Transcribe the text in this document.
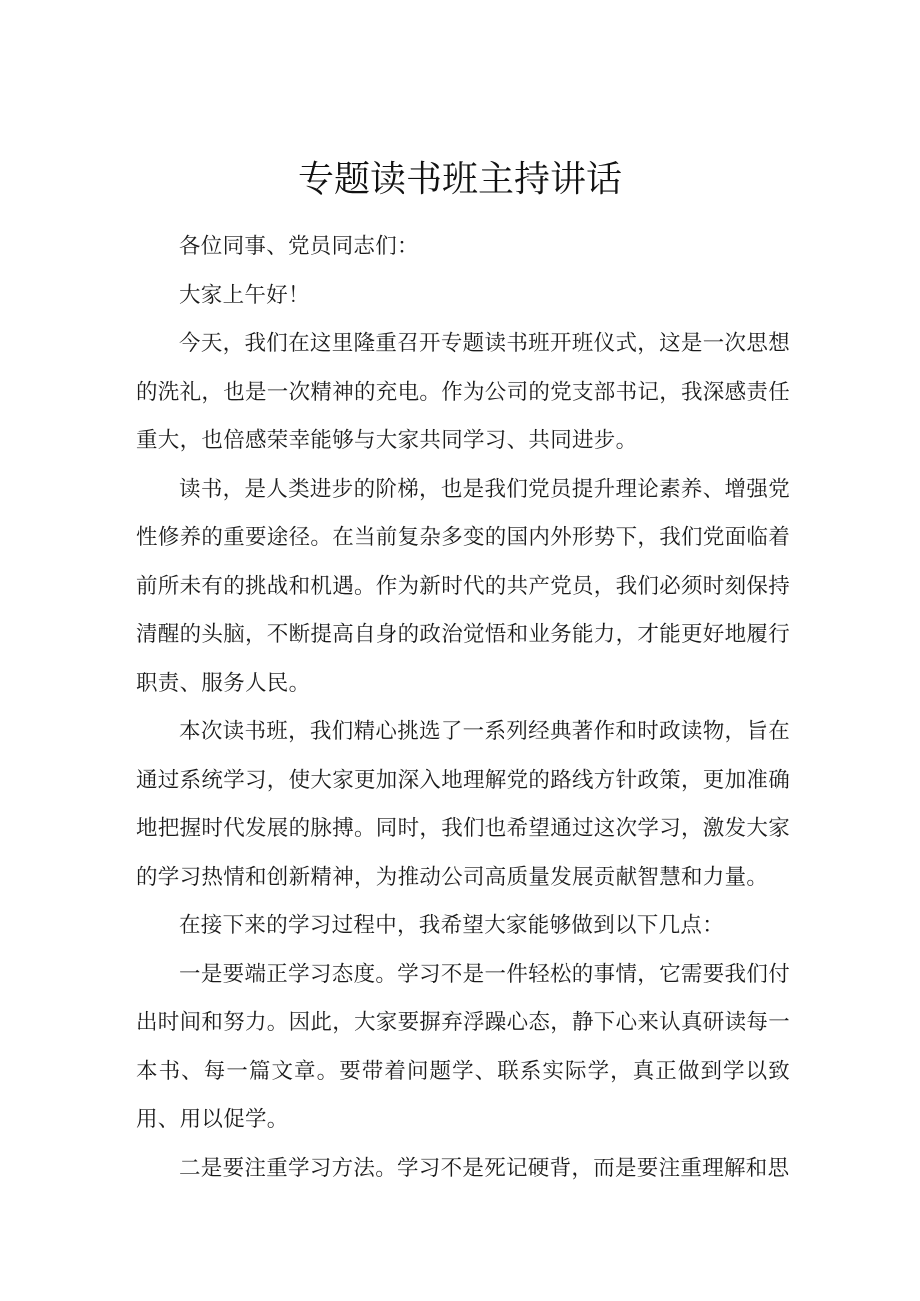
专题读书班主持讲话

各位同事、党员同志们：

大家上午好！

今天，我们在这里隆重召开专题读书班开班仪式，这是一次思想的洗礼，也是一次精神的充电。作为公司的党支部书记，我深感责任重大，也倍感荣幸能够与大家共同学习、共同进步。

读书，是人类进步的阶梯，也是我们党员提升理论素养、增强党性修养的重要途径。在当前复杂多变的国内外形势下，我们党面临着前所未有的挑战和机遇。作为新时代的共产党员，我们必须时刻保持清醒的头脑，不断提高自身的政治觉悟和业务能力，才能更好地履行职责、服务人民。

本次读书班，我们精心挑选了一系列经典著作和时政读物，旨在通过系统学习，使大家更加深入地理解党的路线方针政策，更加准确地把握时代发展的脉搏。同时，我们也希望通过这次学习，激发大家的学习热情和创新精神，为推动公司高质量发展贡献智慧和力量。

在接下来的学习过程中，我希望大家能够做到以下几点：

一是要端正学习态度。学习不是一件轻松的事情，它需要我们付出时间和努力。因此，大家要摒弃浮躁心态，静下心来认真研读每一本书、每一篇文章。要带着问题学、联系实际学，真正做到学以致用、用以促学。

二是要注重学习方法。学习不是死记硬背，而是要注重理解和思
